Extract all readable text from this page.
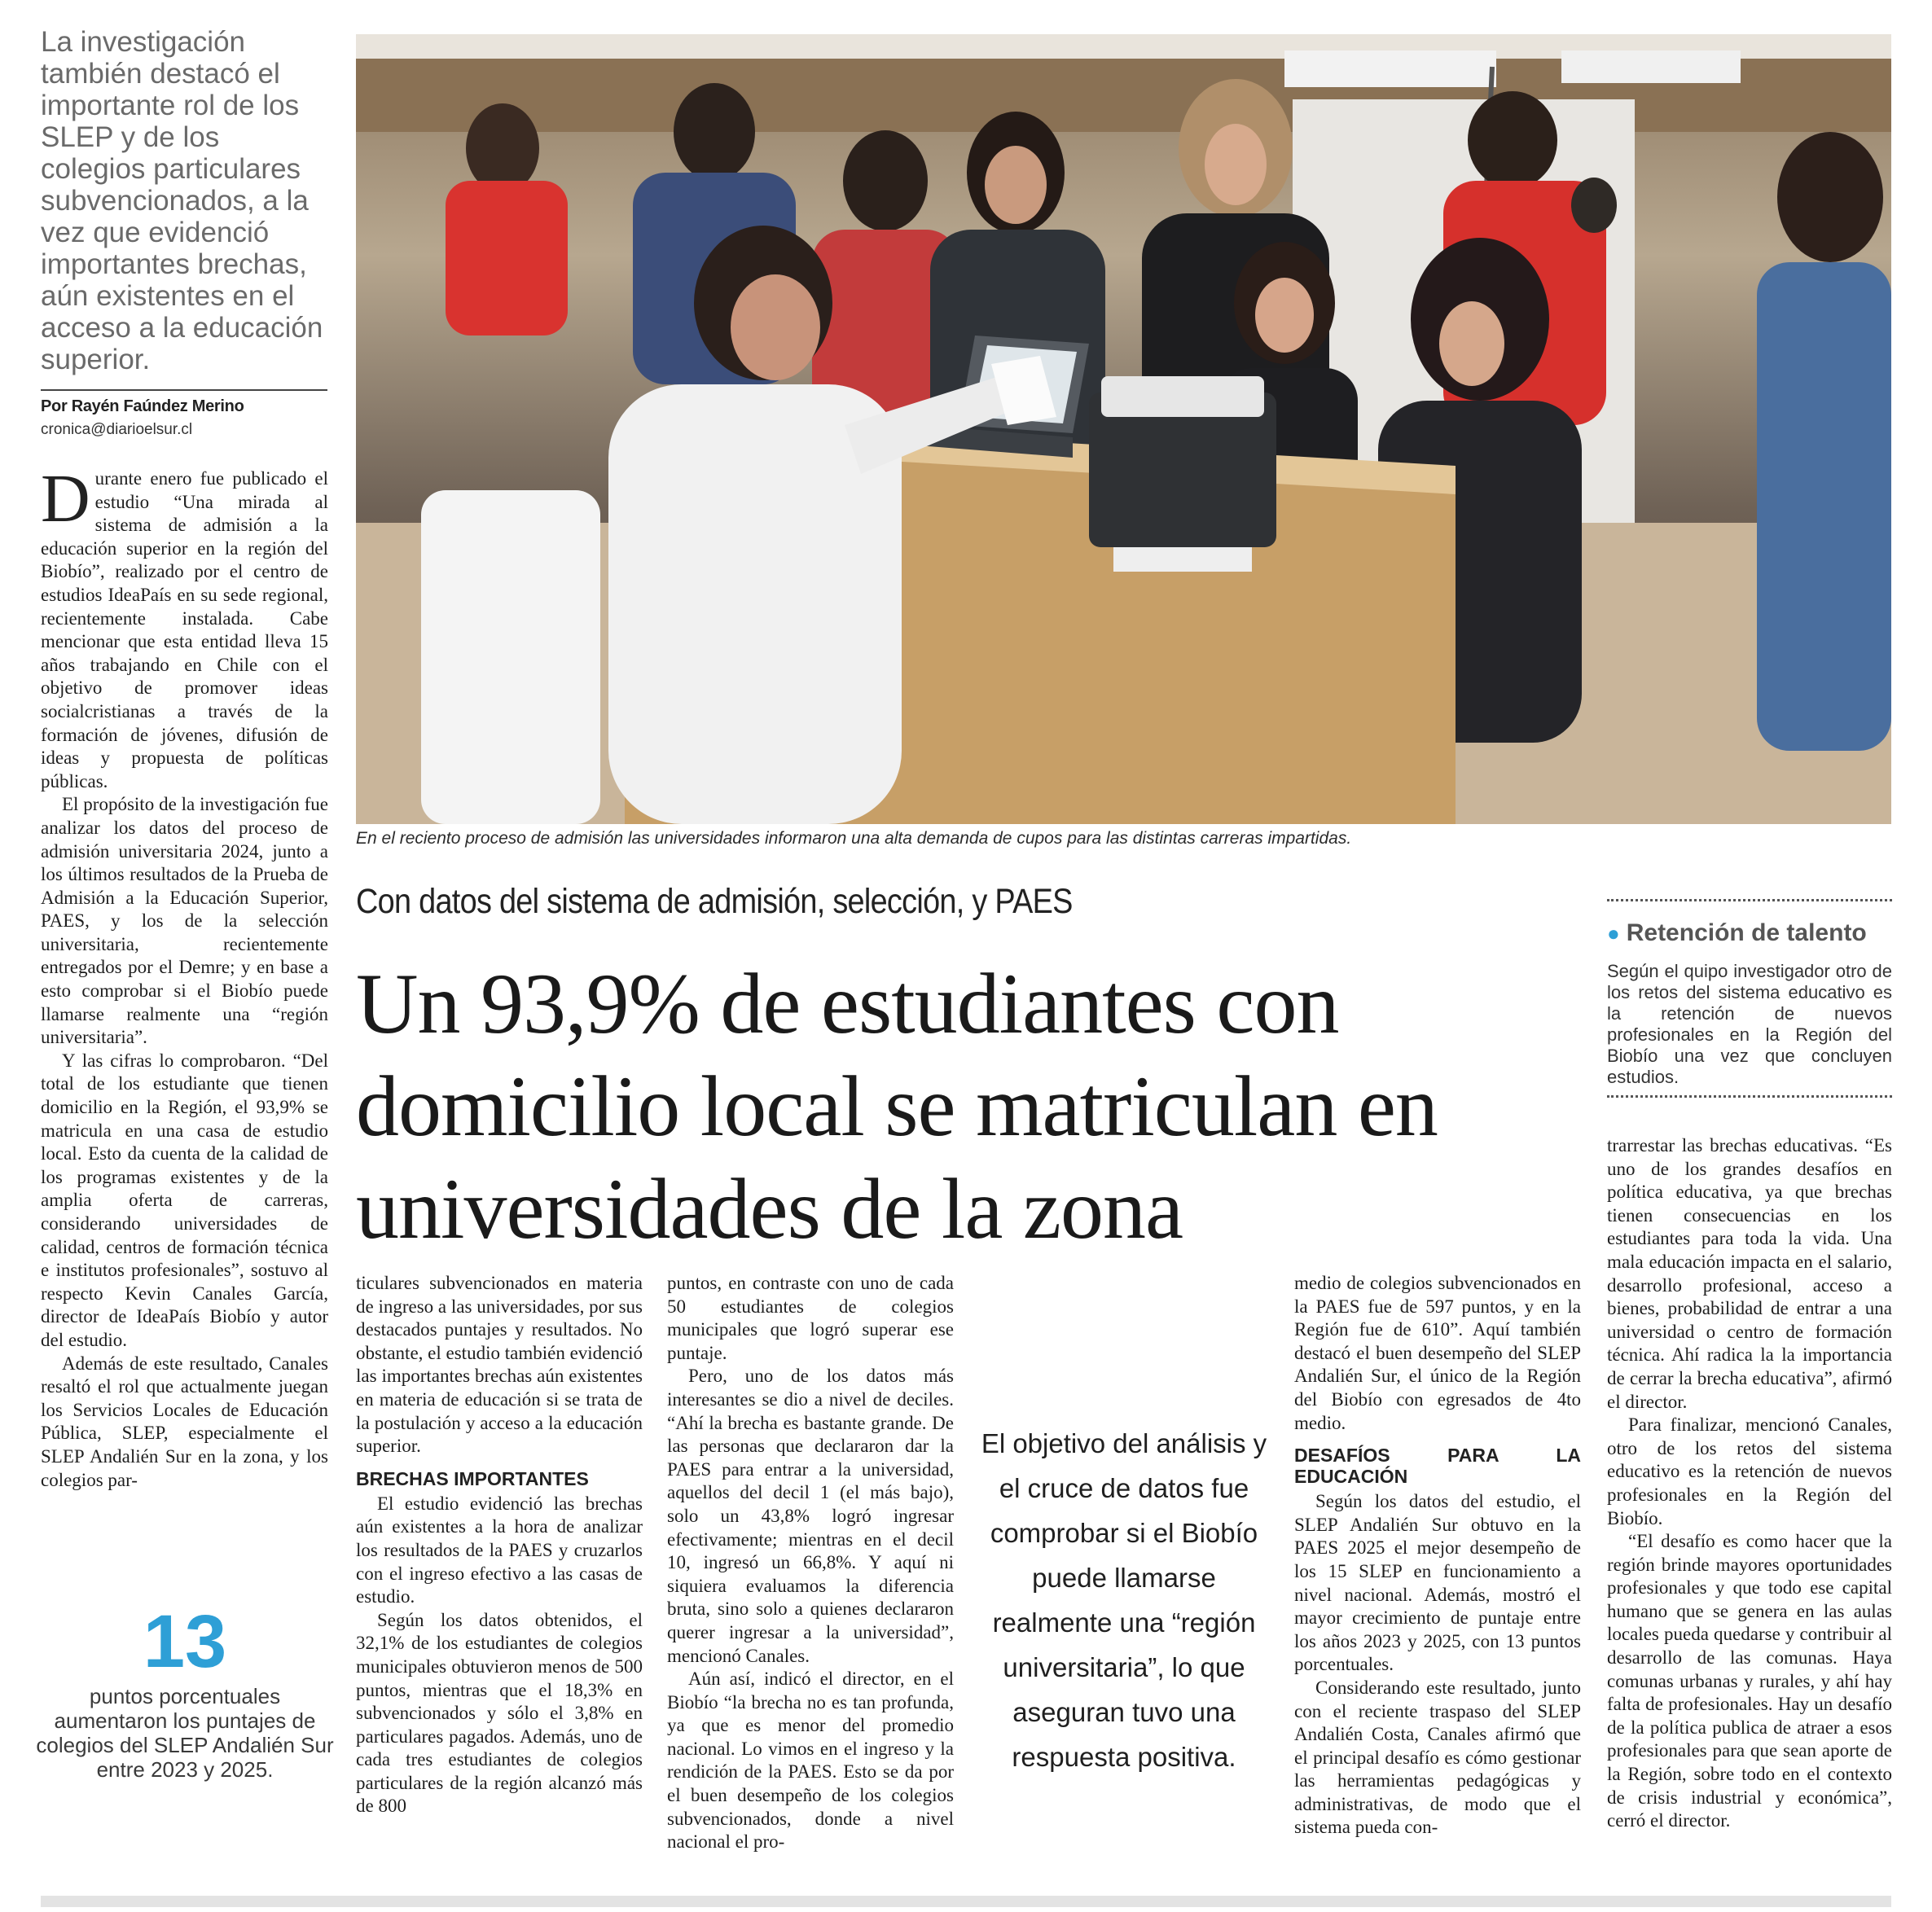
La investigación también destacó el importante rol de los SLEP y de los colegios particulares subvencionados, a la vez que evidenció importantes brechas, aún existentes en el acceso a la educación superior.
Por Rayén Faúndez Merino
cronica@diarioelsur.cl

Durante enero fue publicado el estudio “Una mirada al sistema de admisión a la educación superior en la región del Biobío”, realizado por el centro de estudios IdeaPaís en su sede regional, recientemente instalada. Cabe mencionar que esta entidad lleva 15 años trabajando en Chile con el objetivo de promover ideas socialcristianas a través de la formación de jóvenes, difusión de ideas y propuesta de políticas públicas.

El propósito de la investigación fue analizar los datos del proceso de admisión universitaria 2024, junto a los últimos resultados de la Prueba de Admisión a la Educación Superior, PAES, y los de la selección universitaria, recientemente entregados por el Demre; y en base a esto comprobar si el Biobío puede llamarse realmente una “región universitaria”.

Y las cifras lo comprobaron. “Del total de los estudiante que tienen domicilio en la Región, el 93,9% se matricula en una casa de estudio local. Esto da cuenta de la calidad de los programas existentes y de la amplia oferta de carreras, considerando universidades de calidad, centros de formación técnica e institutos profesionales”, sostuvo al respecto Kevin Canales García, director de IdeaPaís Biobío y autor del estudio.

Además de este resultado, Canales resaltó el rol que actualmente juegan los Servicios Locales de Educación Pública, SLEP, especialmente el SLEP Andalién Sur en la zona, y los colegios par-

13
puntos porcentuales aumentaron los puntajes de colegios del SLEP Andalién Sur entre 2023 y 2025.
En el reciento proceso de admisión las universidades informaron una alta demanda de cupos para las distintas carreras impartidas.
Con datos del sistema de admisión, selección, y PAES
Un 93,9% de estudiantes con domicilio local se matriculan en universidades de la zona

ticulares subvencionados en materia de ingreso a las universidades, por sus destacados puntajes y resultados. No obstante, el estudio también evidenció las importantes brechas aún existentes en materia de educación si se trata de la postulación y acceso a la educación superior.

BRECHAS IMPORTANTES

El estudio evidenció las brechas aún existentes a la hora de analizar los resultados de la PAES y cruzarlos con el ingreso efectivo a las casas de estudio.

Según los datos obtenidos, el 32,1% de los estudiantes de colegios municipales obtuvieron menos de 500 puntos, mientras que el 18,3% en subvencionados y sólo el 3,8% en particulares pagados. Además, uno de cada tres estudiantes de colegios particulares de la región alcanzó más de 800

puntos, en contraste con uno de cada 50 estudiantes de colegios municipales que logró superar ese puntaje.

Pero, uno de los datos más interesantes se dio a nivel de deciles. “Ahí la brecha es bastante grande. De las personas que declararon dar la PAES para entrar a la universidad, aquellos del decil 1 (el más bajo), solo un 43,8% logró ingresar efectivamente; mientras en el decil 10, ingresó un 66,8%. Y aquí ni siquiera evaluamos la diferencia bruta, sino solo a quienes declararon querer ingresar a la universidad”, mencionó Canales.

Aún así, indicó el director, en el Biobío “la brecha no es tan profunda, ya que es menor del promedio nacional. Lo vimos en el ingreso y la rendición de la PAES. Esto se da por el buen desempeño de los colegios subvencionados, donde a nivel nacional el pro-

El objetivo del análisis y el cruce de datos fue comprobar si el Biobío puede llamarse realmente una “región universitaria”, lo que aseguran tuvo una respuesta positiva.

medio de colegios subvencionados en la PAES fue de 597 puntos, y en la Región fue de 610”. Aquí también destacó el buen desempeño del SLEP Andalién Sur, el único de la Región del Biobío con egresados de 4to medio.

DESAFÍOS PARA LA EDUCACIÓN

Según los datos del estudio, el SLEP Andalién Sur obtuvo en la PAES 2025 el mejor desempeño de los 15 SLEP en funcionamiento a nivel nacional. Además, mostró el mayor crecimiento de puntaje entre los años 2023 y 2025, con 13 puntos porcentuales.

Considerando este resultado, junto con el reciente traspaso del SLEP Andalién Costa, Canales afirmó que el principal desafío es cómo gestionar las herramientas pedagógicas y administrativas, de modo que el sistema pueda con-

● Retención de talento
Según el quipo investigador otro de los retos del sistema educativo es la retención de nuevos profesionales en la Región del Biobío una vez que concluyen estudios.

trarrestar las brechas educativas. “Es uno de los grandes desafíos en política educativa, ya que brechas tienen consecuencias en los estudiantes para toda la vida. Una mala educación impacta en el salario, desarrollo profesional, acceso a bienes, probabilidad de entrar a una universidad o centro de formación técnica. Ahí radica la la importancia de cerrar la brecha educativa”, afirmó el director.

Para finalizar, mencionó Canales, otro de los retos del sistema educativo es la retención de nuevos profesionales en la Región del Biobío.

“El desafío es como hacer que la región brinde mayores oportunidades profesionales y que todo ese capital humano que se genera en las aulas locales pueda quedarse y contribuir al desarrollo de las comunas. Haya comunas urbanas y rurales, y ahí hay falta de profesionales. Hay un desafío de la política publica de atraer a esos profesionales para que sean aporte de la Región, sobre todo en el contexto de crisis industrial y económica”, cerró el director.
